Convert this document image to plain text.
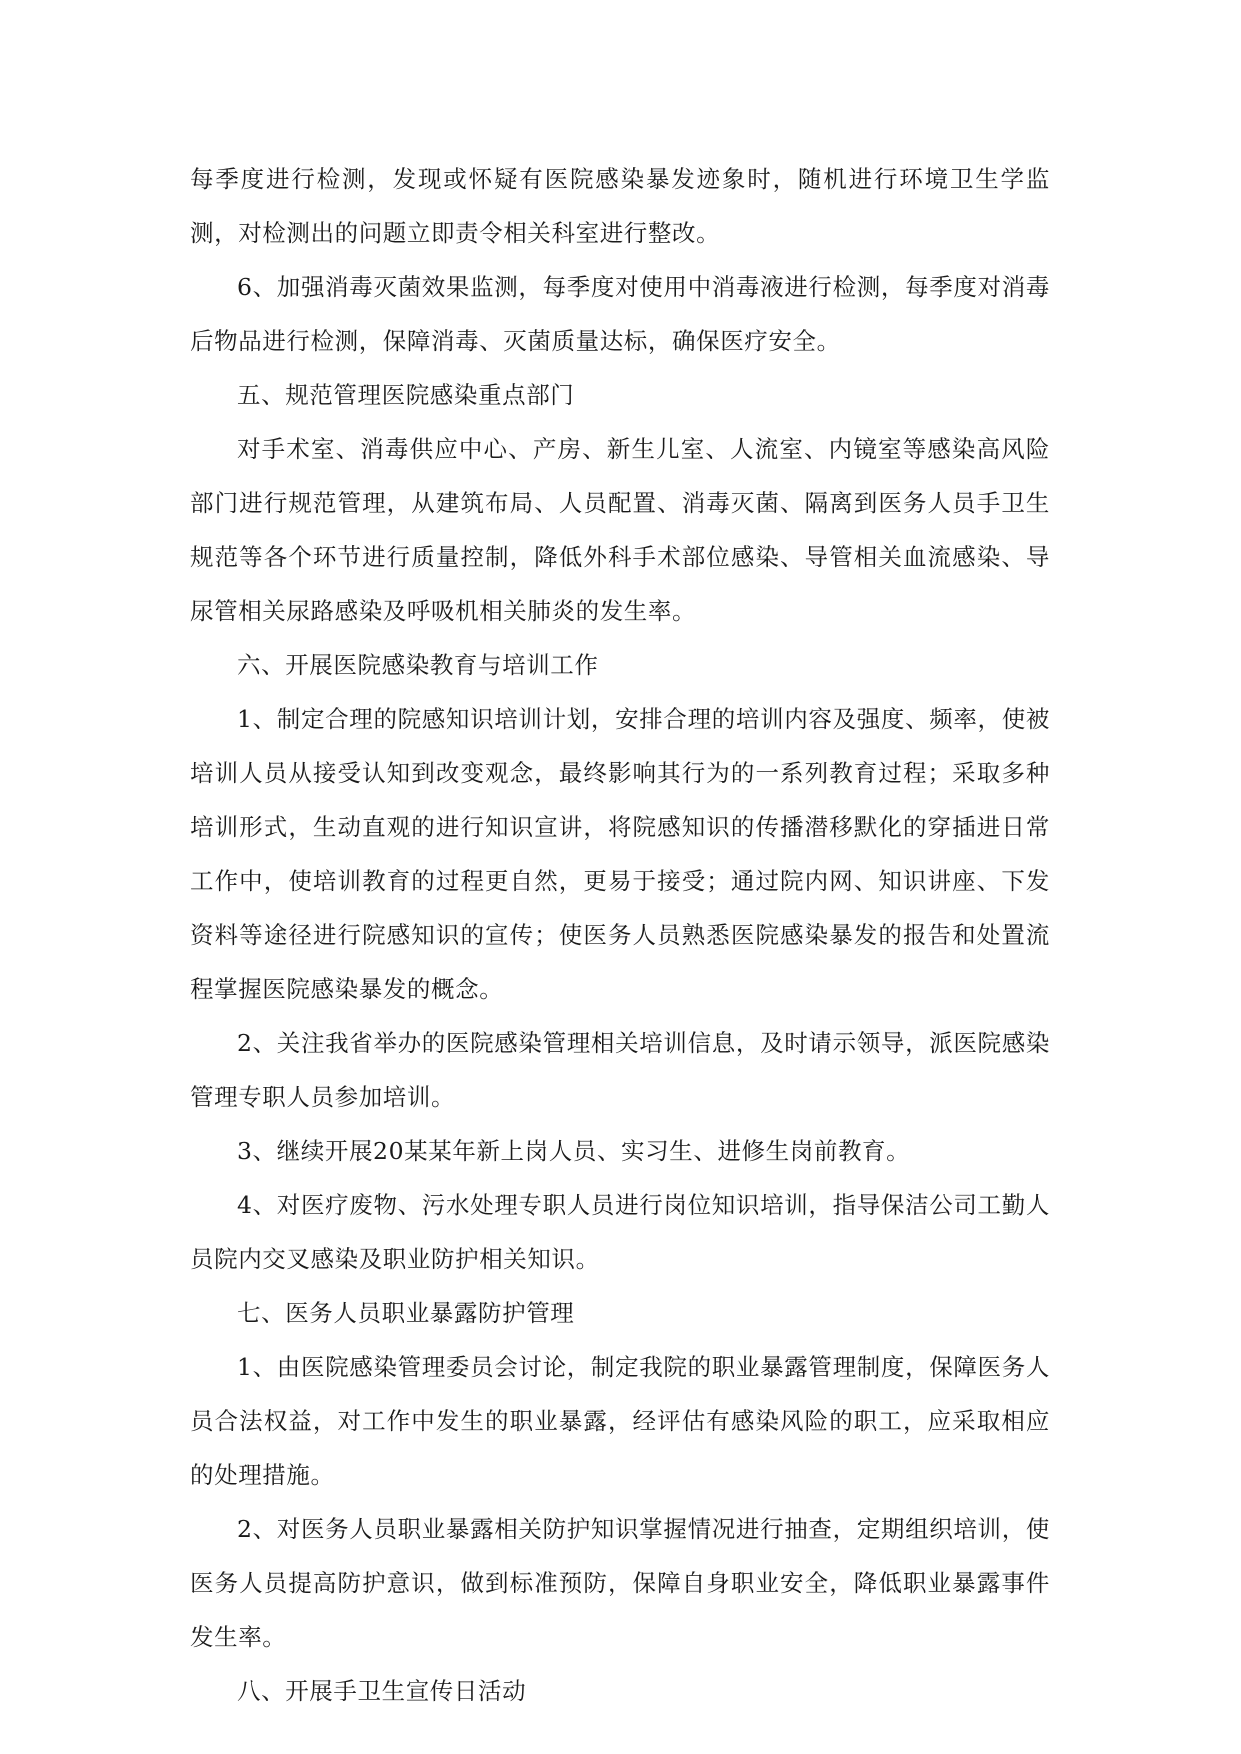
每季度进行检测，发现或怀疑有医院感染暴发迹象时，随机进行环境卫生学监测，对检测出的问题立即责令相关科室进行整改。

6、加强消毒灭菌效果监测，每季度对使用中消毒液进行检测，每季度对消毒后物品进行检测，保障消毒、灭菌质量达标，确保医疗安全。

五、规范管理医院感染重点部门

对手术室、消毒供应中心、产房、新生儿室、人流室、内镜室等感染高风险部门进行规范管理，从建筑布局、人员配置、消毒灭菌、隔离到医务人员手卫生规范等各个环节进行质量控制，降低外科手术部位感染、导管相关血流感染、导尿管相关尿路感染及呼吸机相关肺炎的发生率。

六、开展医院感染教育与培训工作

1、制定合理的院感知识培训计划，安排合理的培训内容及强度、频率，使被培训人员从接受认知到改变观念，最终影响其行为的一系列教育过程；采取多种培训形式，生动直观的进行知识宣讲，将院感知识的传播潜移默化的穿插进日常工作中，使培训教育的过程更自然，更易于接受；通过院内网、知识讲座、下发资料等途径进行院感知识的宣传；使医务人员熟悉医院感染暴发的报告和处置流程掌握医院感染暴发的概念。

2、关注我省举办的医院感染管理相关培训信息，及时请示领导，派医院感染管理专职人员参加培训。

3、继续开展20某某年新上岗人员、实习生、进修生岗前教育。

4、对医疗废物、污水处理专职人员进行岗位知识培训，指导保洁公司工勤人员院内交叉感染及职业防护相关知识。

七、医务人员职业暴露防护管理

1、由医院感染管理委员会讨论，制定我院的职业暴露管理制度，保障医务人员合法权益，对工作中发生的职业暴露，经评估有感染风险的职工，应采取相应的处理措施。

2、对医务人员职业暴露相关防护知识掌握情况进行抽查，定期组织培训，使医务人员提高防护意识，做到标准预防，保障自身职业安全，降低职业暴露事件发生率。

八、开展手卫生宣传日活动
